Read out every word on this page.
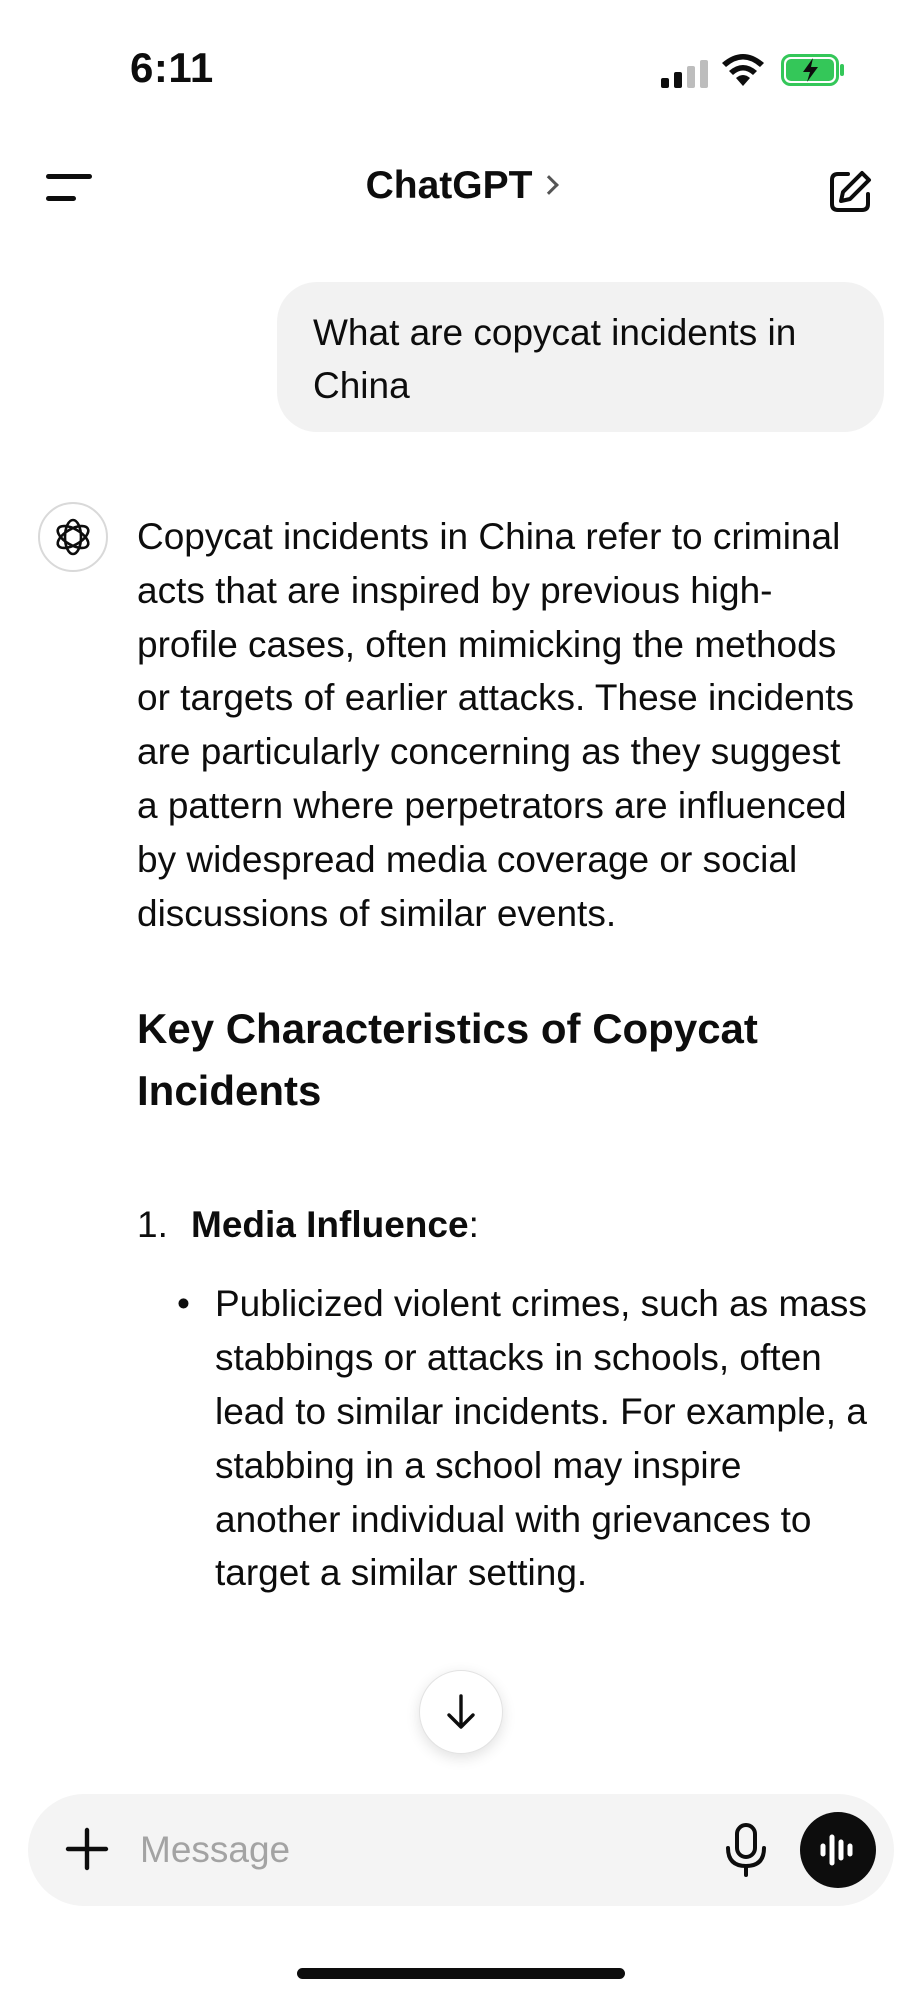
6:11
ChatGPT
What are copycat incidents in China

Copycat incidents in China refer to criminal acts that are inspired by previous high-profile cases, often mimicking the methods or targets of earlier attacks. These incidents are particularly concerning as they suggest a pattern where perpetrators are influenced by widespread media coverage or social discussions of similar events.

Key Characteristics of Copycat Incidents
1. Media Influence:
• Publicized violent crimes, such as mass stabbings or attacks in schools, often lead to similar incidents. For example, a stabbing in a school may inspire another individual with grievances to target a similar setting.
Message
